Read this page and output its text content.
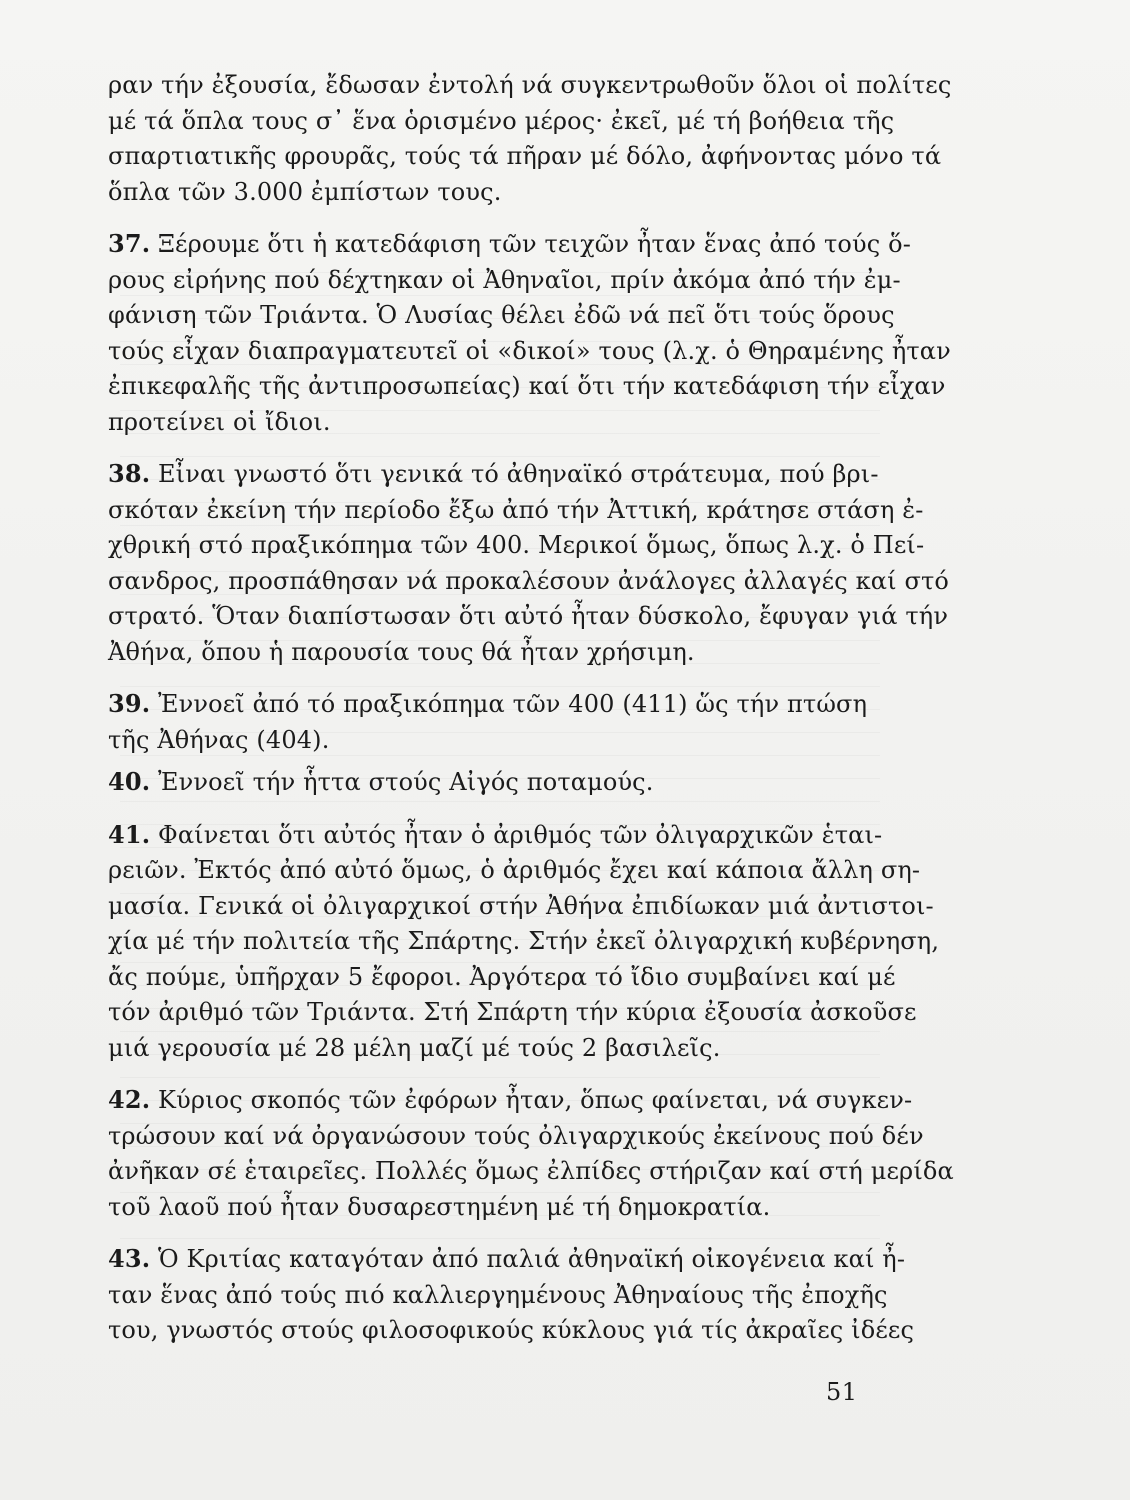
ραν τήν ἐξουσία, ἔδωσαν ἐντολή νά συγκεντρωθοῦν ὅλοι οἱ πολίτες
μέ τά ὅπλα τους σ᾿ ἕνα ὁρισμένο μέρος· ἐκεῖ, μέ τή βοήθεια τῆς
σπαρτιατικῆς φρουρᾶς, τούς τά πῆραν μέ δόλο, ἀφήνοντας μόνο τά
ὅπλα τῶν 3.000 ἐμπίστων τους.
37. Ξέρουμε ὅτι ἡ κατεδάφιση τῶν τειχῶν ἦταν ἕνας ἀπό τούς ὅ-
ρους εἰρήνης πού δέχτηκαν οἱ Ἀθηναῖοι, πρίν ἀκόμα ἀπό τήν ἐμ-
φάνιση τῶν Τριάντα. Ὁ Λυσίας θέλει ἐδῶ νά πεῖ ὅτι τούς ὅρους
τούς εἶχαν διαπραγματευτεῖ οἱ «δικοί» τους (λ.χ. ὁ Θηραμένης ἦταν
ἐπικεφαλῆς τῆς ἀντιπροσωπείας) καί ὅτι τήν κατεδάφιση τήν εἶχαν
προτείνει οἱ ἴδιοι.
38. Εἶναι γνωστό ὅτι γενικά τό ἀθηναϊκό στράτευμα, πού βρι-
σκόταν ἐκείνη τήν περίοδο ἔξω ἀπό τήν Ἀττική, κράτησε στάση ἐ-
χθρική στό πραξικόπημα τῶν 400. Μερικοί ὅμως, ὅπως λ.χ. ὁ Πεί-
σανδρος, προσπάθησαν νά προκαλέσουν ἀνάλογες ἀλλαγές καί στό
στρατό. Ὅταν διαπίστωσαν ὅτι αὐτό ἦταν δύσκολο, ἔφυγαν γιά τήν
Ἀθήνα, ὅπου ἡ παρουσία τους θά ἦταν χρήσιμη.
39. Ἐννοεῖ ἀπό τό πραξικόπημα τῶν 400 (411) ὥς τήν πτώση
τῆς Ἀθήνας (404).
40. Ἐννοεῖ τήν ἧττα στούς Αἰγός ποταμούς.
41. Φαίνεται ὅτι αὐτός ἦταν ὁ ἀριθμός τῶν ὀλιγαρχικῶν ἑται-
ρειῶν. Ἐκτός ἀπό αὐτό ὅμως, ὁ ἀριθμός ἔχει καί κάποια ἄλλη ση-
μασία. Γενικά οἱ ὀλιγαρχικοί στήν Ἀθήνα ἐπιδίωκαν μιά ἀντιστοι-
χία μέ τήν πολιτεία τῆς Σπάρτης. Στήν ἐκεῖ ὀλιγαρχική κυβέρνηση,
ἄς πούμε, ὑπῆρχαν 5 ἔφοροι. Ἀργότερα τό ἴδιο συμβαίνει καί μέ
τόν ἀριθμό τῶν Τριάντα. Στή Σπάρτη τήν κύρια ἐξουσία ἀσκοῦσε
μιά γερουσία μέ 28 μέλη μαζί μέ τούς 2 βασιλεῖς.
42. Κύριος σκοπός τῶν ἐφόρων ἦταν, ὅπως φαίνεται, νά συγκεν-
τρώσουν καί νά ὀργανώσουν τούς ὀλιγαρχικούς ἐκείνους πού δέν
ἀνῆκαν σέ ἑταιρεῖες. Πολλές ὅμως ἐλπίδες στήριζαν καί στή μερίδα
τοῦ λαοῦ πού ἦταν δυσαρεστημένη μέ τή δημοκρατία.
43. Ὁ Κριτίας καταγόταν ἀπό παλιά ἀθηναϊκή οἰκογένεια καί ἦ-
ταν ἕνας ἀπό τούς πιό καλλιεργημένους Ἀθηναίους τῆς ἐποχῆς
του, γνωστός στούς φιλοσοφικούς κύκλους γιά τίς ἀκραῖες ἰδέες
51
